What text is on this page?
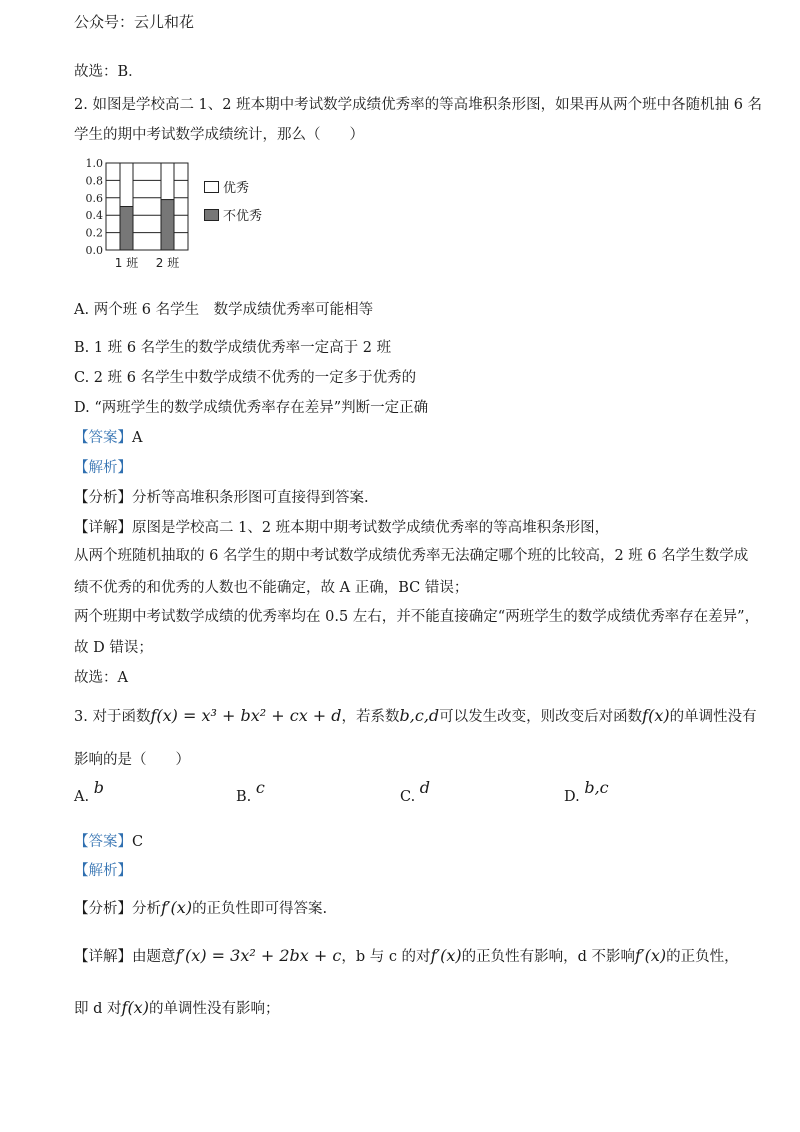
公众号：云儿和花
故选：B．
2. 如图是学校高二 1、2 班本期中考试数学成绩优秀率的等高堆积条形图，如果再从两个班中各随机抽 6 名
学生的期中考试数学成绩统计，那么（　　）
1.0
0.8
0.6
0.4
0.2
0.0
1 班 2 班
优秀
不优秀
A. 两个班 6 名学生　数学成绩优秀率可能相等
B. 1 班 6 名学生的数学成绩优秀率一定高于 2 班
C. 2 班 6 名学生中数学成绩不优秀的一定多于优秀的
D. “两班学生的数学成绩优秀率存在差异”判断一定正确
【答案】A
【解析】
【分析】分析等高堆积条形图可直接得到答案.
【详解】原图是学校高二 1、2 班本期中期考试数学成绩优秀率的等高堆积条形图，
从两个班随机抽取的 6 名学生的期中考试数学成绩优秀率无法确定哪个班的比较高，2 班 6 名学生数学成
绩不优秀的和优秀的人数也不能确定，故 A 正确，BC 错误；
两个班期中考试数学成绩的优秀率均在 0.5 左右，并不能直接确定“两班学生的数学成绩优秀率存在差异”，
故 D 错误；
故选：A
3. 对于函数f(x) = x³ + bx² + cx + d，若系数b,c,d可以发生改变，则改变后对函数f(x)的单调性没有
影响的是（　　）
A. b	B. c	C. d	D. b,c
【答案】C
【解析】
【分析】分析f′(x)的正负性即可得答案.
【详解】由题意f′(x) = 3x² + 2bx + c，b 与 c 的对f′(x)的正负性有影响，d 不影响f′(x)的正负性，
即 d 对f(x)的单调性没有影响；
